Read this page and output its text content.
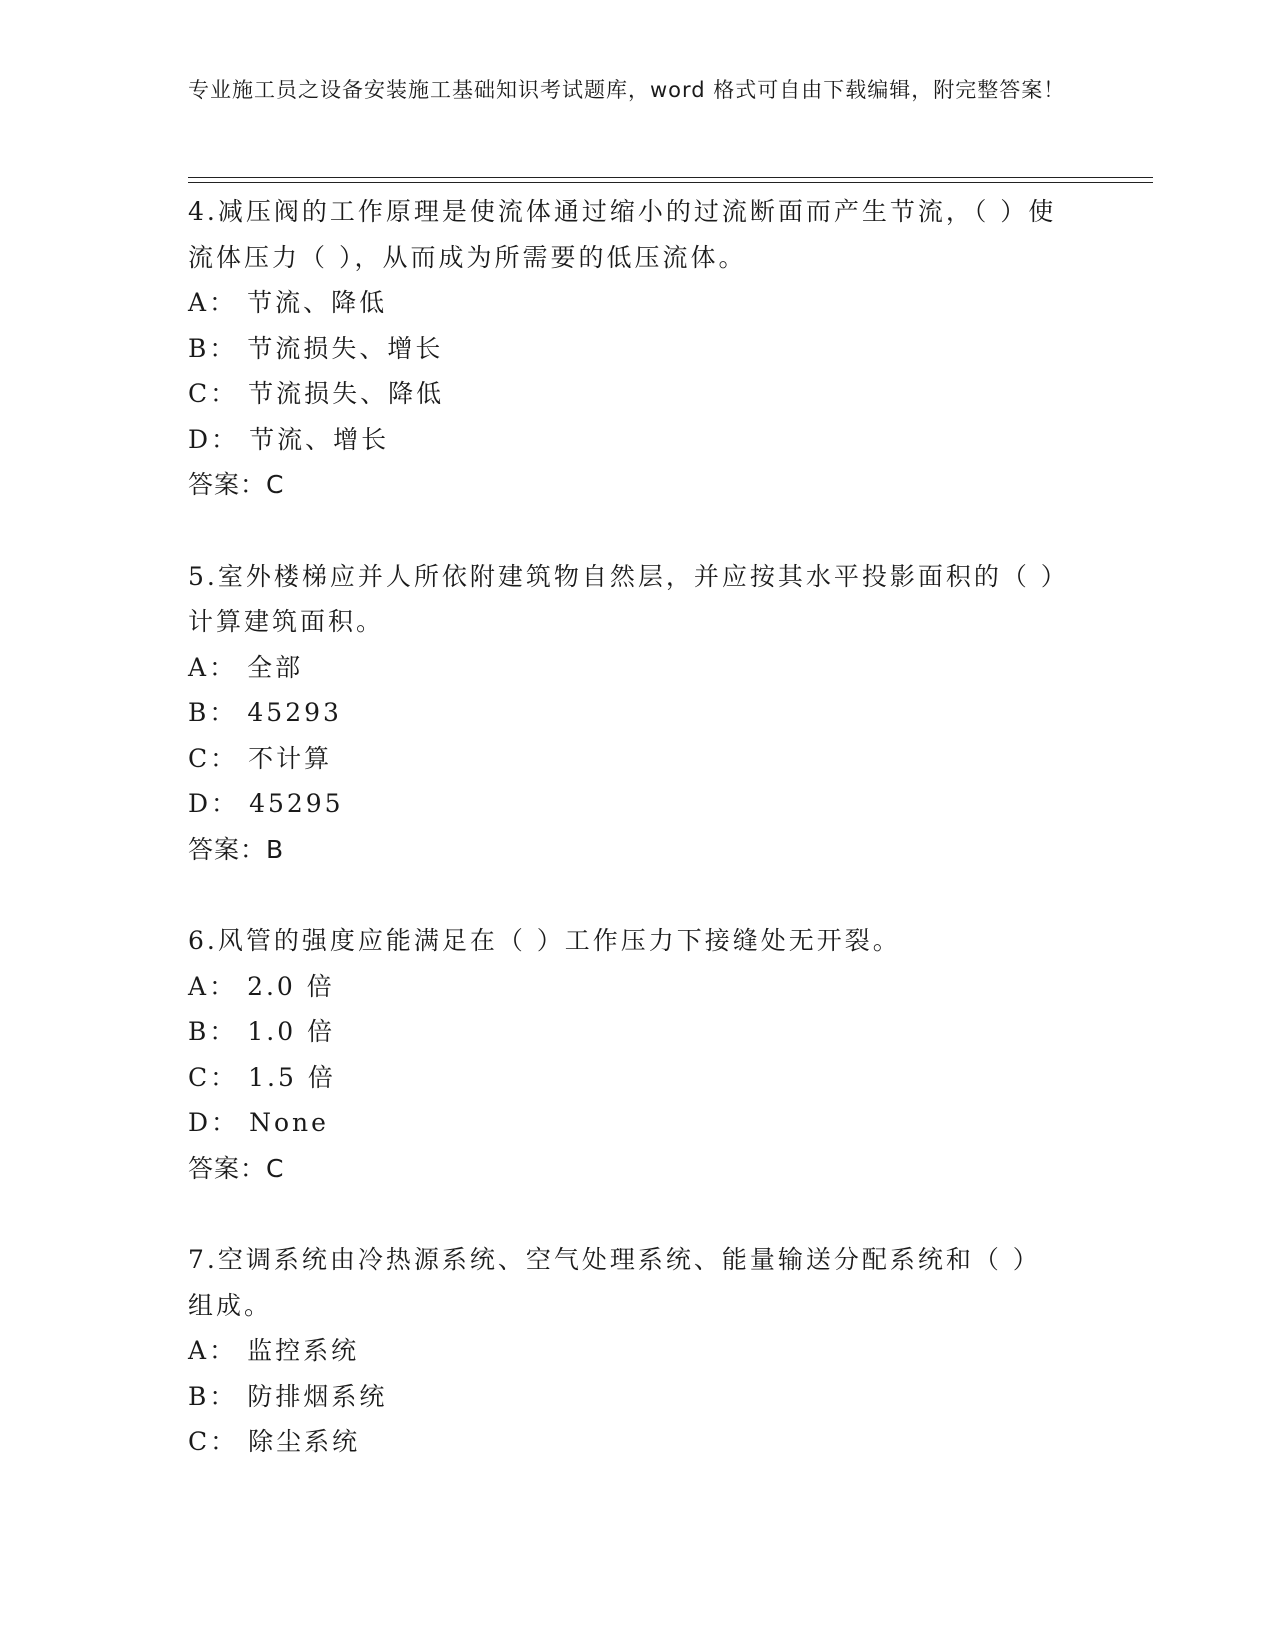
专业施工员之设备安装施工基础知识考试题库，word 格式可自由下载编辑，附完整答案！
4.减压阀的工作原理是使流体通过缩小的过流断面而产生节流，（ ）使流体压力（ ），从而成为所需要的低压流体。
A： 节流、降低
B： 节流损失、增长
C： 节流损失、降低
D： 节流、增长
答案：C
5.室外楼梯应并人所依附建筑物自然层，并应按其水平投影面积的（ ）计算建筑面积。
A： 全部
B： 45293
C： 不计算
D： 45295
答案：B
6.风管的强度应能满足在（ ）工作压力下接缝处无开裂。
A： 2.0 倍
B： 1.0 倍
C： 1.5 倍
D： None
答案：C
7.空调系统由冷热源系统、空气处理系统、能量输送分配系统和（ ）组成。
A： 监控系统
B： 防排烟系统
C： 除尘系统
